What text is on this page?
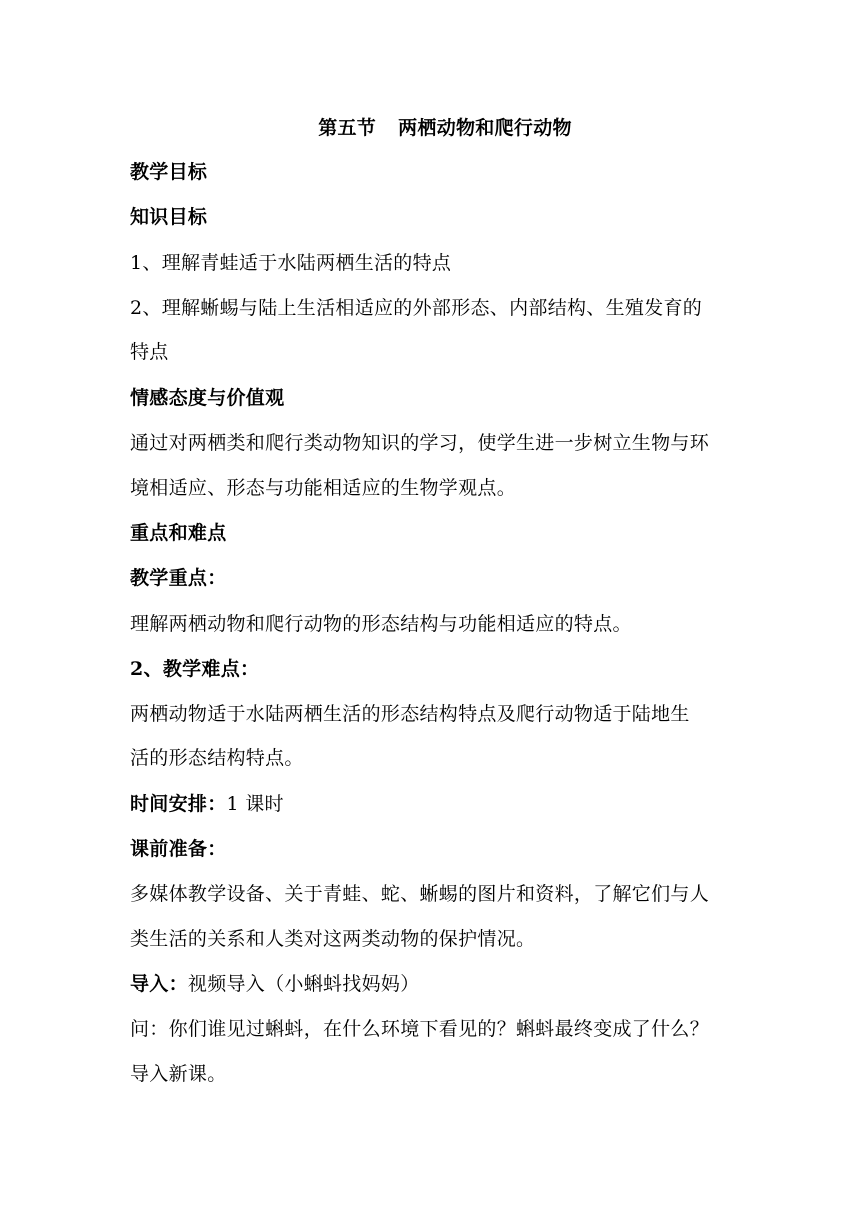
第五节 两栖动物和爬行动物
教学目标
知识目标
1、理解青蛙适于水陆两栖生活的特点
2、理解蜥蜴与陆上生活相适应的外部形态、内部结构、生殖发育的
特点
情感态度与价值观
通过对两栖类和爬行类动物知识的学习，使学生进一步树立生物与环
境相适应、形态与功能相适应的生物学观点。
重点和难点
教学重点：
理解两栖动物和爬行动物的形态结构与功能相适应的特点。
2、教学难点：
两栖动物适于水陆两栖生活的形态结构特点及爬行动物适于陆地生
活的形态结构特点。
时间安排：1 课时
课前准备：
多媒体教学设备、关于青蛙、蛇、蜥蜴的图片和资料，了解它们与人
类生活的关系和人类对这两类动物的保护情况。
导入：视频导入（小蝌蚪找妈妈）
问：你们谁见过蝌蚪，在什么环境下看见的？蝌蚪最终变成了什么？
导入新课。
